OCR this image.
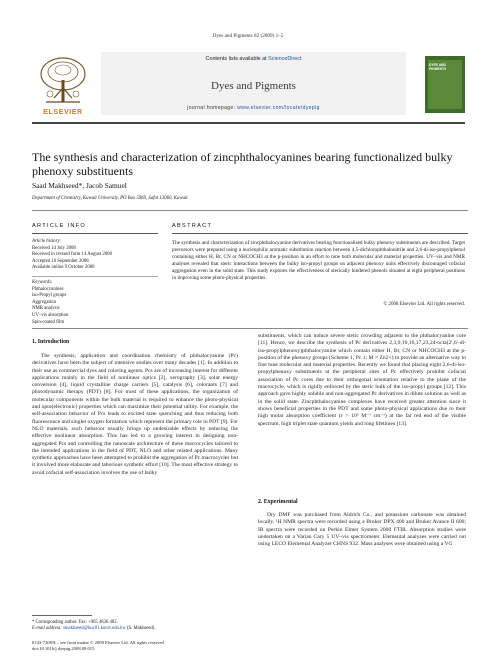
Dyes and Pigments 82 (2009) 1–5
Contents lists available at ScienceDirect
Dyes and Pigments
journal homepage: www.elsevier.com/locate/dyepig
ELSEVIER
DYES AND PIGMENTS
The synthesis and characterization of zincphthalocyanines bearing functionalized bulky phenoxy substituents
Saad Makhseed*, Jacob Samuel
Department of Chemistry, Kuwait University, PO Box 5969, Safat 13060, Kuwait
ARTICLE INFO
Article history:
Received 14 July 2008
Received in revised form 14 August 2008
Accepted 16 September 2008
Available online 9 October 2008
Keywords:
Phthalocyanines
iso-Propyl groups
Aggregation
NMR analysis
UV–vis absorption
Spin-coated film
ABSTRACT
The synthesis and characterization of zincphthalocyanine derivatives bearing functionalised bulky phenoxy substituents are described. Target precursors were prepared using a nucleophilic aromatic substitution reaction between 4,5-dichlorophthalonitrile and 2,6-di-iso-propylphenol containing either H, Br, CN or NHCOCH3 at the p-position in an effort to tune both molecular and material properties. UV–vis and NMR analyses revealed that steric interactions between the bulky iso-propyl groups on adjacent phenoxy units effectively discouraged cofacial aggregation even in the solid state. This study explores the effectiveness of sterically hindered phenols situated at eight peripheral positions in improving some photo-physical properties.
© 2008 Elsevier Ltd. All rights reserved.
1. Introduction
The synthesis, application and coordination chemistry of phthalocyanine (Pc) derivatives have been the subject of intensive studies over many decades [1]. In addition to their use as commercial dyes and coloring agents, Pcs are of increasing interest for different applications mainly in the field of nonlinear optics [2], xerography [3], solar energy conversion [4], liquid crystalline charge carriers [5], catalysis [6], colorants [7] and photodynamic therapy (PDT) [8]. For most of these applications, the organization of molecular components within the bulk material is required to enhance the photo-physical and opto(electronic) properties which can maximize their potential utility. For example, the self-association behavior of Pcs leads to excited state quenching and thus reducing both fluorescence and singlet oxygen formation which represent the primary role in PDT [9]. For NLO materials, such behavior usually brings up undesirable effects by reducing the effective nonlinear absorption. This has led to a growing interest in designing non-aggregated Pcs and controlling the nanoscale architecture of these macrocycles tailored to the intended applications in the field of PDT, NLO and other related applications. Many synthetic approaches have been attempted to prohibit the aggregation of Pc macrocycles but it involved more elaborate and laborious synthetic effort [10]. The most effective strategy to avoid cofacial self-association involves the use of bulky
substituents, which can induce severe steric crowding adjacent to the phthalocyanine core [11]. Hence, we describe the synthesis of Pc derivatives 2,3,9,10,16,17,23,24-octa(2′,6′-di-iso-propylphenoxy)phthalocyanine which contain either H, Br, CN or NHCOCH3 at the p-position of the phenoxy groups (Scheme 1; Pc 1; M = Zn2+) to provide an alternative way to fine tune molecular and material properties. Recently we found that placing eight 2,6-di-iso-propylphenoxy substituents at the peripheral sites of Pc effectively prohibit cofacial association of Pc cores due to their orthogonal orientation relative to the plane of the macrocycle, which is rigidly enforced by the steric bulk of the iso-propyl groups [12]. This approach gave highly soluble and non-aggregated Pc derivatives in dilute solution as well as in the solid state. Zincphthalocyanine complexes have received greater attention since it shows beneficial properties in the PDT and some photo-physical applications due to their high molar absorption coefficient (ε > 10⁵ M⁻¹ cm⁻¹) at the far red end of the visible spectrum, high triplet state quantum yields and long lifetimes [13].
2. Experimental
Dry DMF was purchased from Aldrich Co., and potassium carbonate was obtained locally. ¹H NMR spectra were recorded using a Bruker DPX 400 and Bruker Avance II 600; IR spectra were recorded on Perkin Elmer System 2000 FTIR. Absorption studies were undertaken on a Varian Cary 5 UV–vis spectrometer. Elemental analyses were carried out using LECO Elemental Analyzer CHNS 932. Mass analyses were obtained using a VG
* Corresponding author. Fax: +965 4836 482.
E-mail address: smakhseed@kuc01.kuniv.edu.kw (S. Makhseed).
0143-7208/$ – see front matter © 2008 Elsevier Ltd. All rights reserved.
doi:10.1016/j.dyepig.2008.09.015
